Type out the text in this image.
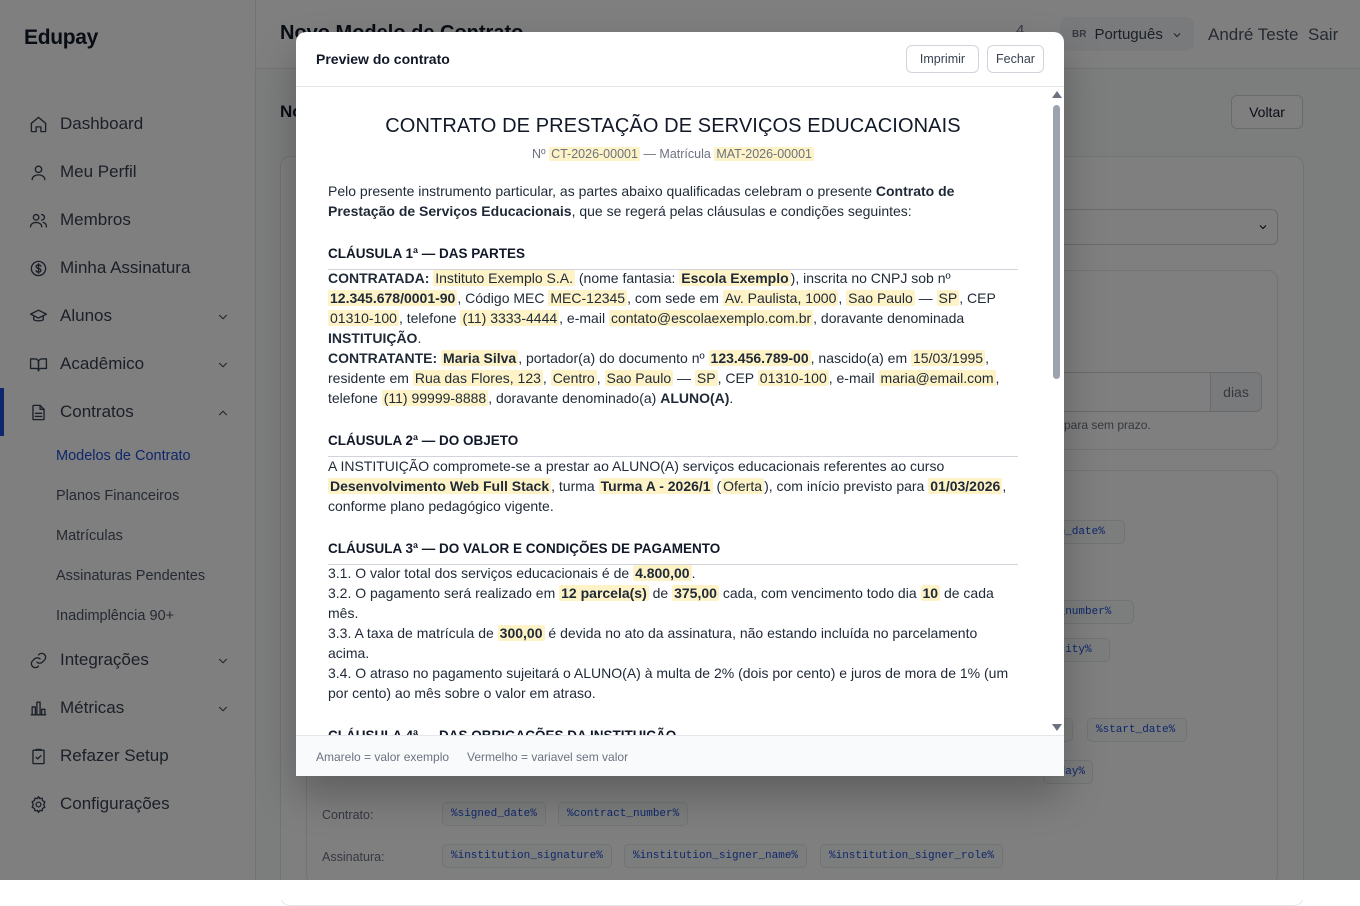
Preview do contrato	Imprimir	Fechar
CONTRATO DE PRESTAÇÃO DE SERVIÇOS EDUCACIONAIS
Nº CT-2026-00001 — Matrícula MAT-2026-00001
Pelo presente instrumento particular, as partes abaixo qualificadas celebram o presente Contrato de Prestação de Serviços Educacionais, que se regerá pelas cláusulas e condições seguintes:
CLÁUSULA 1ª — DAS PARTES
CONTRATADA: Instituto Exemplo S.A. (nome fantasia: Escola Exemplo ), inscrita no CNPJ sob nº 12.345.678/0001-90 , Código MEC MEC-12345 , com sede em Av. Paulista, 1000 , Sao Paulo — SP , CEP 01310-100 , telefone (11) 3333-4444 , e-mail contato@escolaexemplo.com.br , doravante denominada INSTITUIÇÃO.
CONTRATANTE: Maria Silva , portador(a) do documento nº 123.456.789-00 , nascido(a) em 15/03/1995 , residente em Rua das Flores, 123 , Centro , Sao Paulo — SP , CEP 01310-100 , e-mail maria@email.com , telefone (11) 99999-8888 , doravante denominado(a) ALUNO(A).
CLÁUSULA 2ª — DO OBJETO
A INSTITUIÇÃO compromete-se a prestar ao ALUNO(A) serviços educacionais referentes ao curso Desenvolvimento Web Full Stack , turma Turma A - 2026/1 ( Oferta ), com início previsto para 01/03/2026 , conforme plano pedagógico vigente.
CLÁUSULA 3ª — DO VALOR E CONDIÇÕES DE PAGAMENTO
3.1. O valor total dos serviços educacionais é de 4.800,00 .
3.2. O pagamento será realizado em 12 parcela(s) de 375,00 cada, com vencimento todo dia 10 de cada mês.
3.3. A taxa de matrícula de 300,00 é devida no ato da assinatura, não estando incluída no parcelamento acima.
3.4. O atraso no pagamento sujeitará o ALUNO(A) à multa de 2% (dois por cento) e juros de mora de 1% (um por cento) ao mês sobre o valor em atraso.
Amarelo = valor exemplo Vermelho = variavel sem valor
